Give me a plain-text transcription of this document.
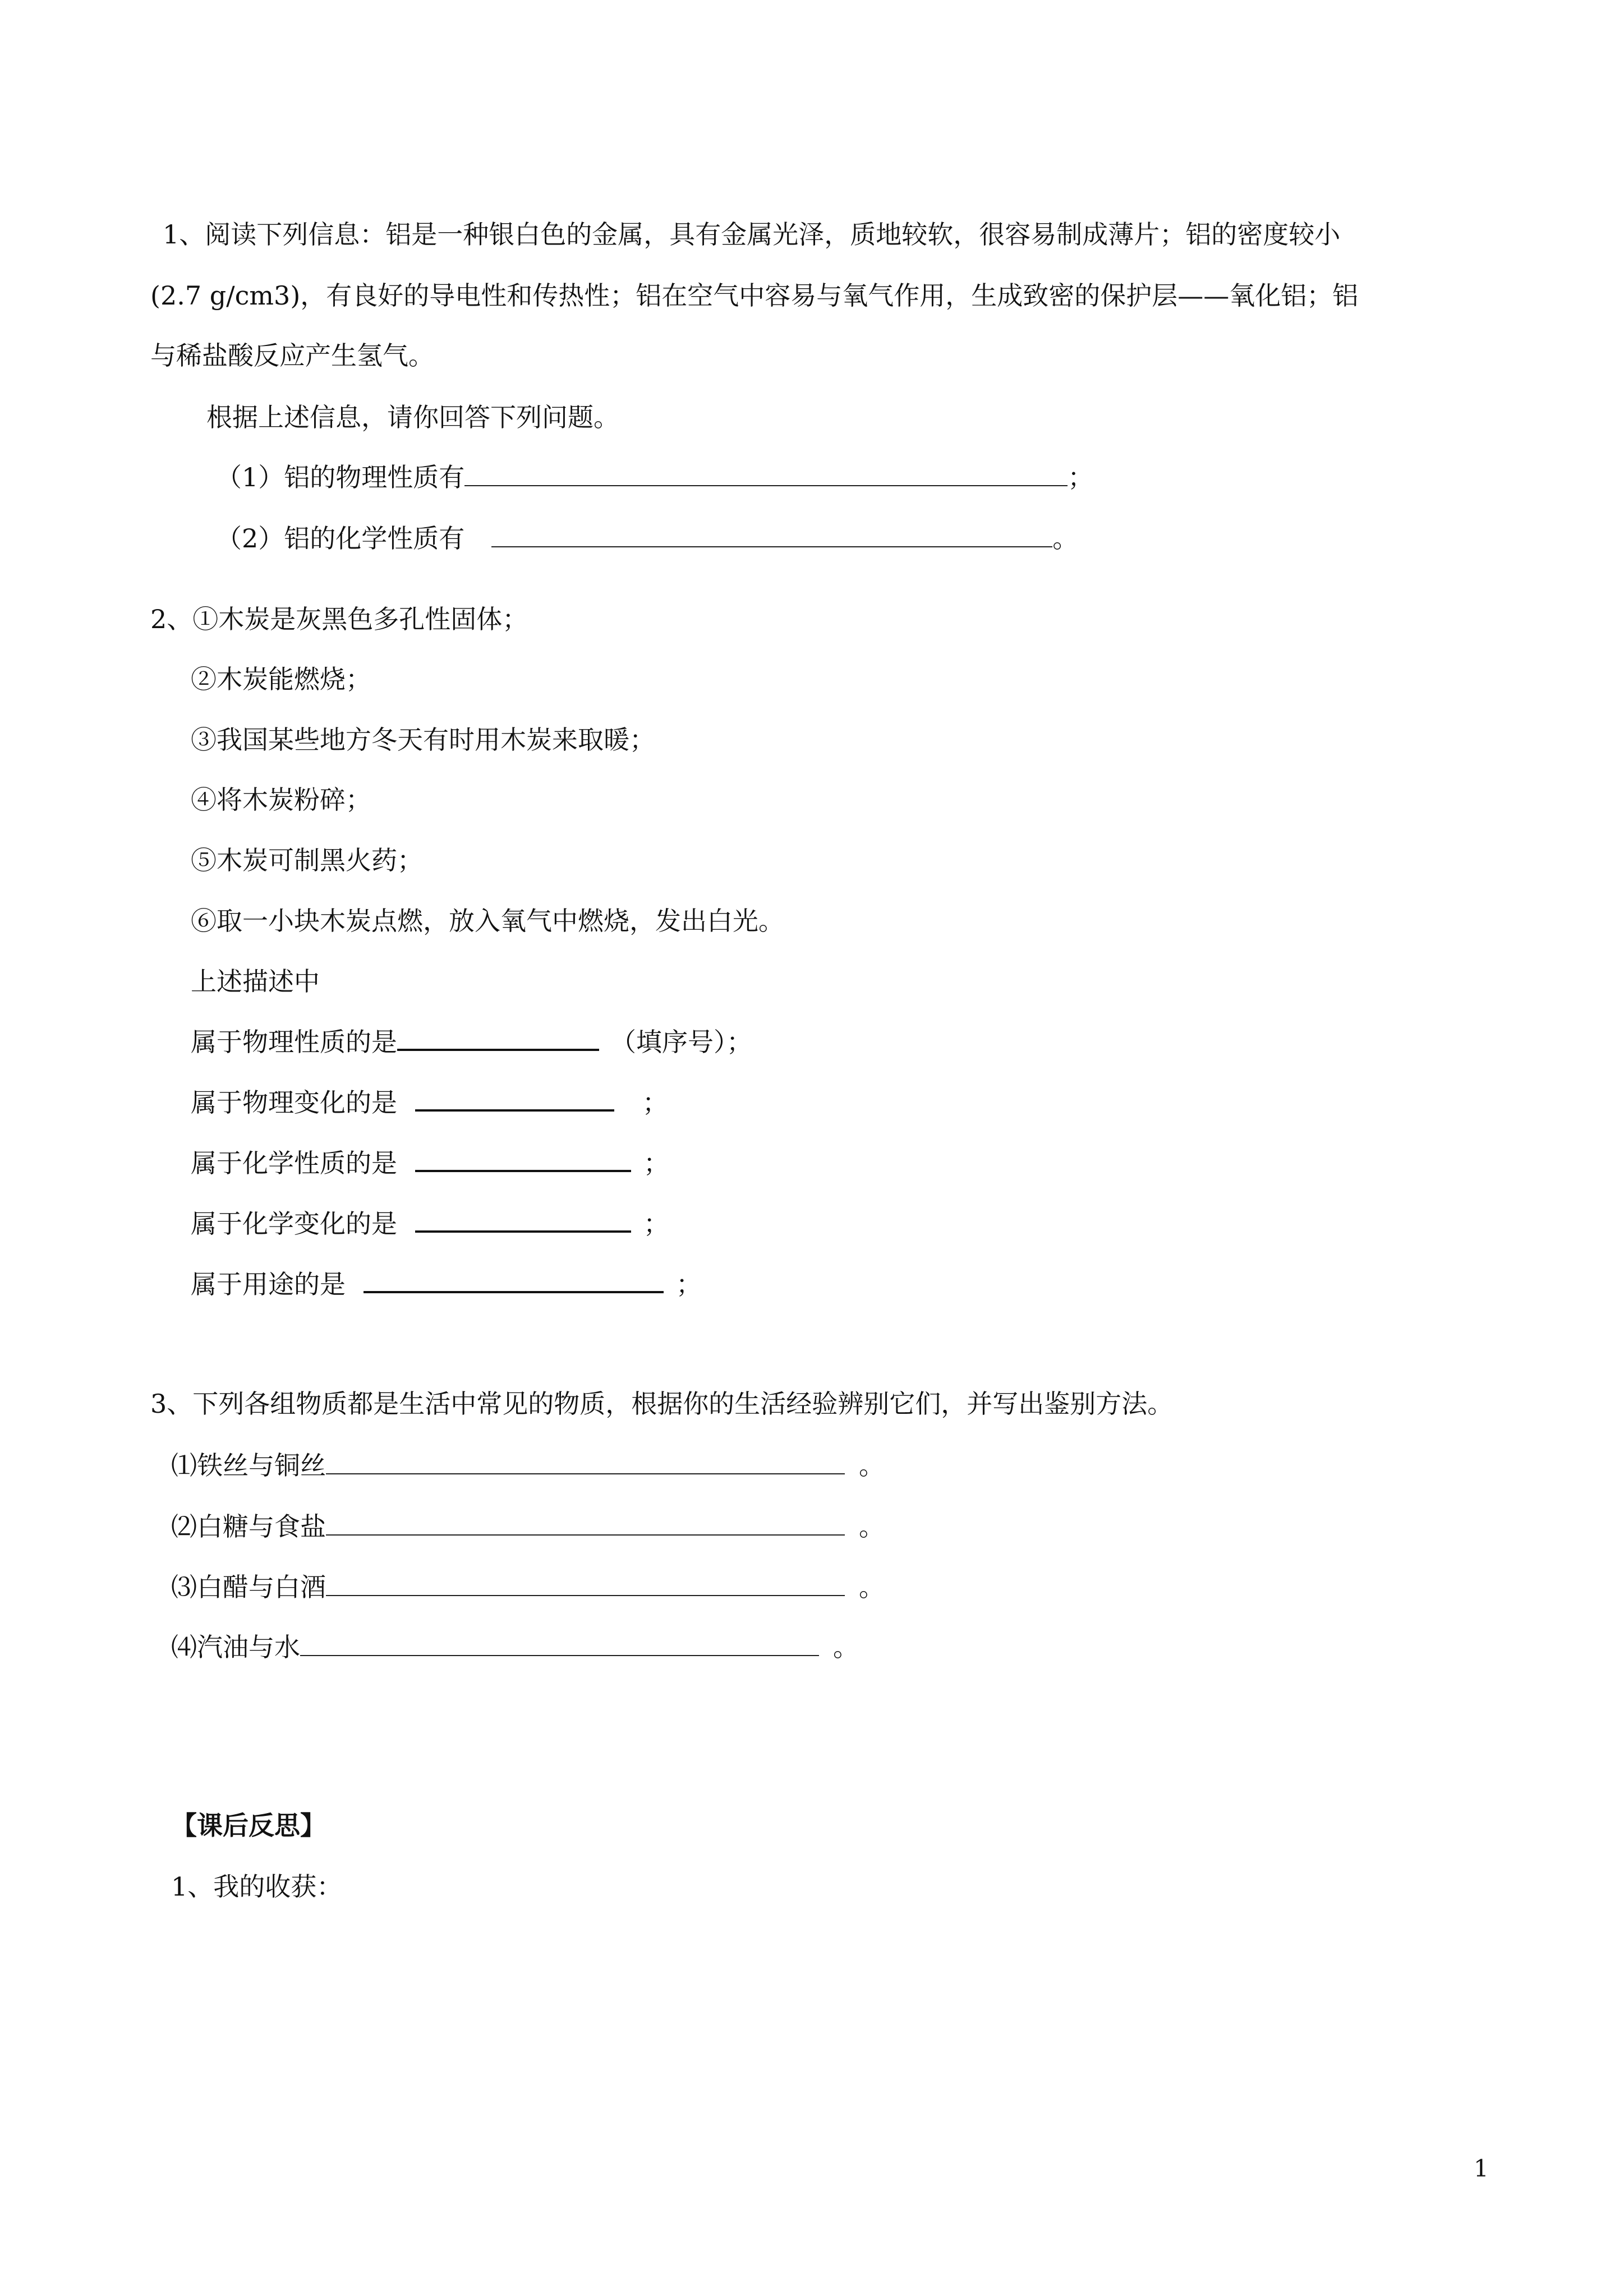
1、阅读下列信息：铝是一种银白色的金属，具有金属光泽，质地较软，很容易制成薄片；铝的密度较小
(2.7 g/cm3)，有良好的导电性和传热性；铝在空气中容易与氧气作用，生成致密的保护层——氧化铝；铝
与稀盐酸反应产生氢气。
根据上述信息，请你回答下列问题。
（1）铝的物理性质有	；
（2）铝的化学性质有	。
2、①木炭是灰黑色多孔性固体；
②木炭能燃烧；
③我国某些地方冬天有时用木炭来取暖；
④将木炭粉碎；
⑤木炭可制黑火药；
⑥取一小块木炭点燃，放入氧气中燃烧，发出白光。
上述描述中
属于物理性质的是	（填序号）；
属于物理变化的是	；
属于化学性质的是	；
属于化学变化的是	；
属于用途的是	；
3、下列各组物质都是生活中常见的物质，根据你的生活经验辨别它们，并写出鉴别方法。
⑴铁丝与铜丝	。
⑵白糖与食盐	。
⑶白醋与白酒	。
⑷汽油与水	。
【课后反思】
1、我的收获：
1
